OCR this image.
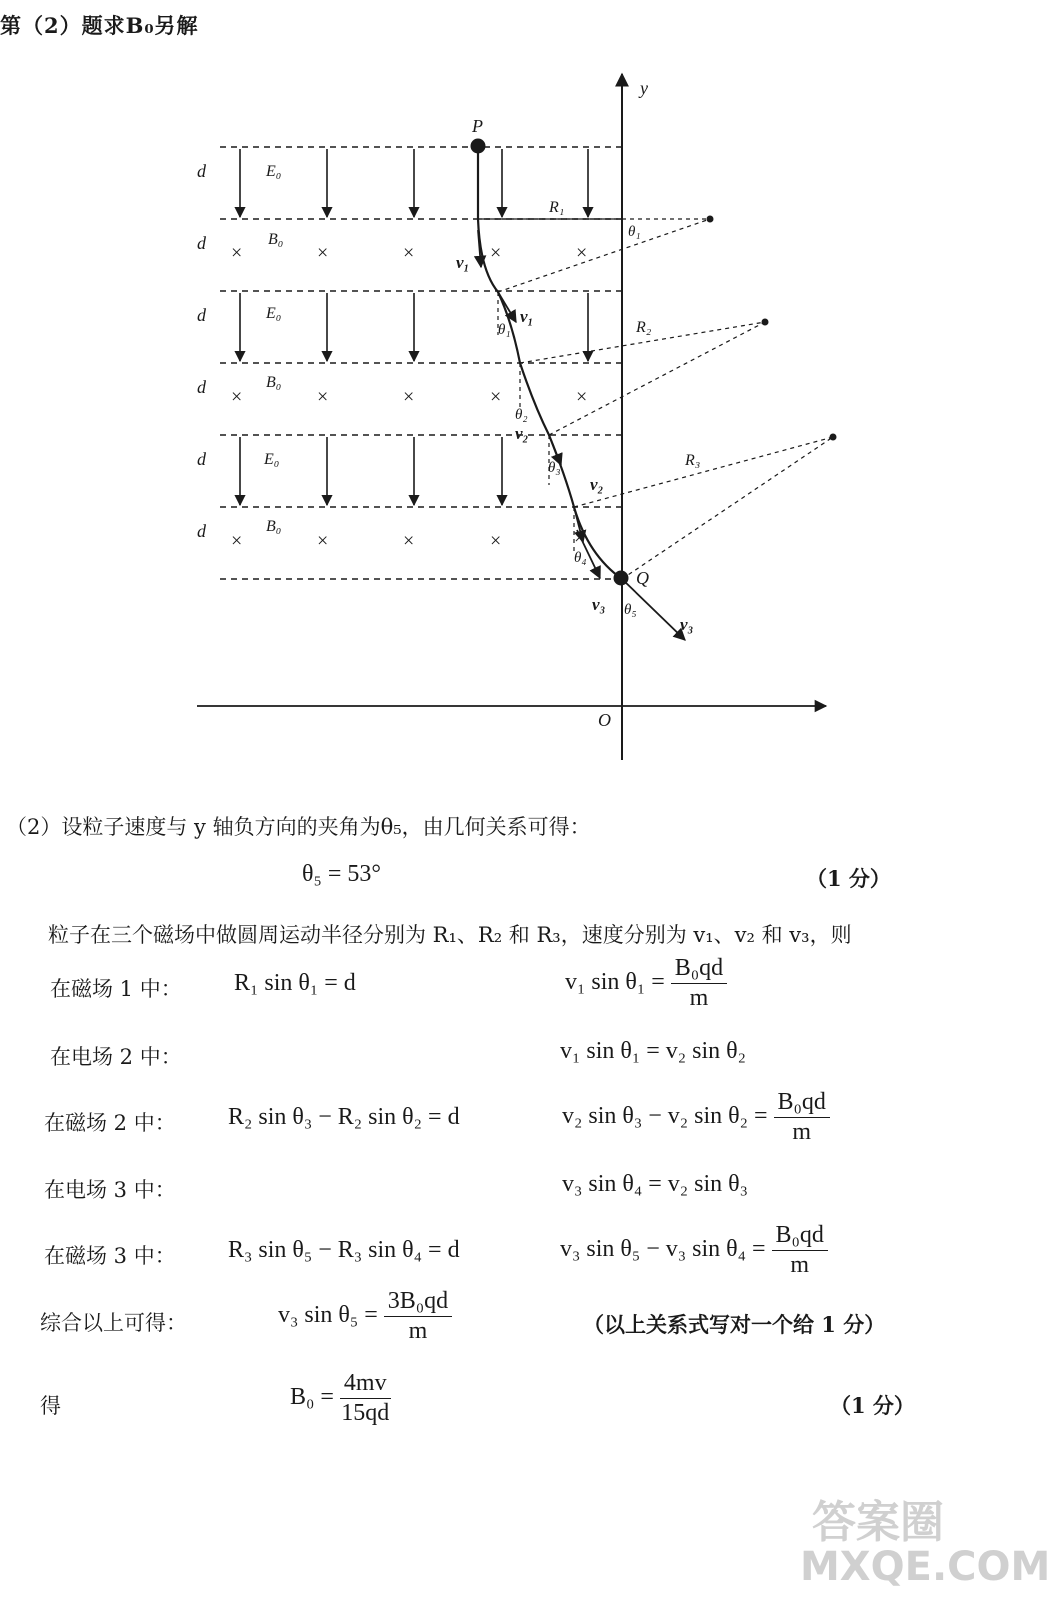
第（2）题求B₀另解
y
O
P
Q
d
d
d
d
d
d
E₀
B₀
E₀
B₀
E₀
B₀
×	×	×	×	×
×	×	×	×	×
×	×	×	×	×
R₁
R₂
R₃
θ₁
θ₁
θ₂
θ₃
θ₄
θ₅
v₁
v₁
v₂
v₂
v₃
v₃
（2）设粒子速度与 y 轴负方向的夹角为θ₅，由几何关系可得：
θ₅ = 53°	（1 分）
粒子在三个磁场中做圆周运动半径分别为 R₁、R₂ 和 R₃，速度分别为 v₁、v₂ 和 v₃，则
在磁场 1 中： R₁ sin θ₁ = d	v₁ $\sin \theta_1 = \frac{\text{B₀qd}}{m}$
在电场 2 中：	v₁ sin θ₁ = v₂ sin θ₂
在磁场 2 中： R₂ sin θ₃ − R₂ sin θ₂ = d	v₂ sin θ₃ − v₂ $\sin \theta_2 = \frac{\text{B₀qd}}{m}$
在电场 3 中：	v₃ sin θ₄ = v₂ sin θ₃
在磁场 3 中： R₃ sin θ₅ − R₃ sin θ₄ = d	v₃ sin θ₅ − v₃ $\sin \theta_4 = \frac{\text{B₀qd}}{m}$
综合以上可得：	v₃ $\sin \theta_5 = \frac{\text{3B₀qd}}{m}$	（以上关系式写对一个给 1 分）
得	$B_0 = \frac{4mv}{15qd}$	（1 分）
答案圈
MXQE.COM
